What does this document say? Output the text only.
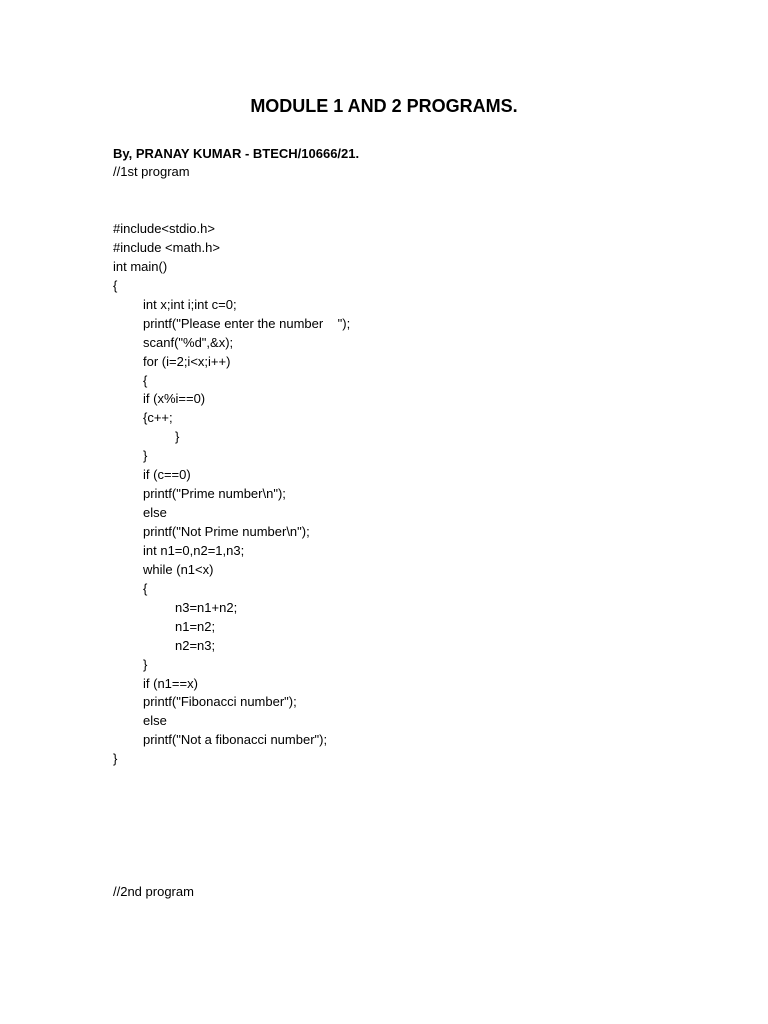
MODULE 1 AND 2 PROGRAMS.
By, PRANAY KUMAR - BTECH/10666/21.
//1st program
#include<stdio.h>
#include <math.h>
int main()
{
int x;int i;int c=0;
printf("Please enter the number    ");
scanf("%d",&x);
for (i=2;i<x;i++)
{
if (x%i==0)
{c++;
}
}
if (c==0)
printf("Prime number\n");
else
printf("Not Prime number\n");
int n1=0,n2=1,n3;
while (n1<x)
{
n3=n1+n2;
n1=n2;
n2=n3;
}
if (n1==x)
printf("Fibonacci number");
else
printf("Not a fibonacci number");
}
//2nd program
